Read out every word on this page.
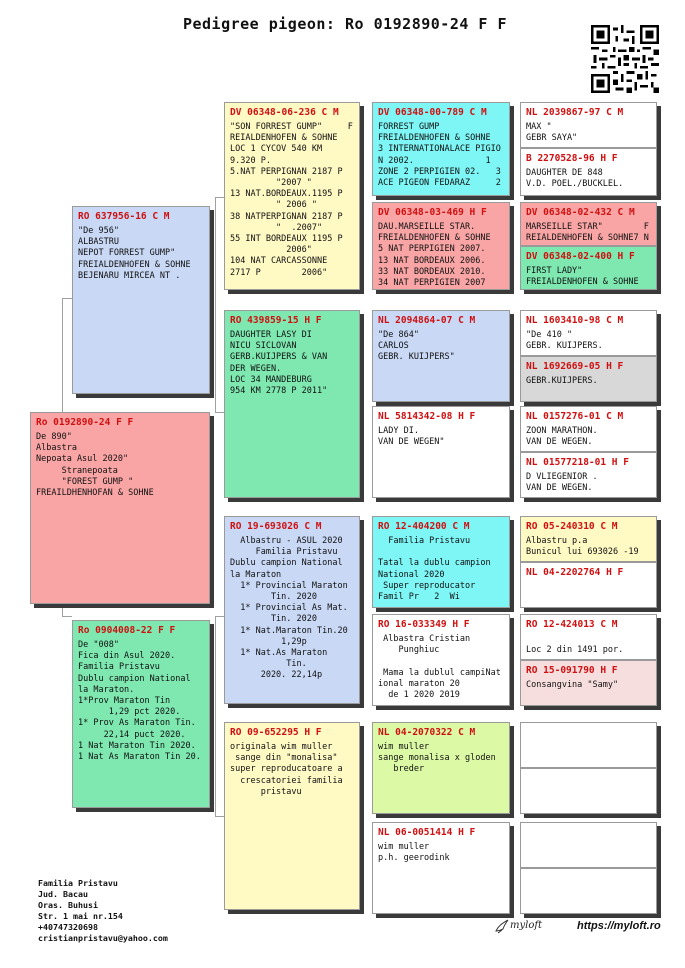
Pedigree pigeon: Ro 0192890-24 F F
Ro 0192890-24 F F
De 890"
Albastra
Nepoata Asul 2020"
Stranepoata
"FOREST GUMP "
FREAILDHENHOFAN & SOHNE
RO 637956-16 C M
"De 956"
ALBASTRU
NEPOT FORREST GUMP"
FREIALDENHOFEN & SOHNE
BEJENARU MIRCEA NT .
Ro 0904008-22 F F
De "008"
Fica din Asul 2020.
Familia Pristavu
Dublu campion National
la Maraton.
1*Prov Maraton Tin
1,29 pct 2020.
1* Prov As Maraton Tin.
22,14 puct 2020.
1 Nat Maraton Tin 2020.
1 Nat As Maraton Tin 20.
DV 06348-06-236 C M
"SON FORREST GUMP"     F
REIALDENHOFEN & SOHNE
LOC 1 CYCOV 540 KM
9.320 P.
5.NAT PERPIGNAN 2187 P
"2007 "
13 NAT.BORDEAUX.1195 P
" 2006 "
38 NATPERPIGNAN 2187 P
"  .2007"
55 INT BORDEAUX 1195 P
2006"
104 NAT CARCASSONNE
2717 P        2006"
RO 439859-15 H F
DAUGHTER LASY DI
NICU SICLOVAN
GERB.KUIJPERS & VAN
DER WEGEN.
LOC 34 MANDEBURG
954 KM 2778 P 2011"
RO 19-693026 C M
Albastru - ASUL 2020
Familia Pristavu
Dublu campion National
la Maraton
1* Provincial Maraton
Tin. 2020
1* Provincial As Mat.
Tin. 2020
1* Nat.Maraton Tin.20
1,29p
1* Nat.As Maraton
Tin.
2020. 22,14p
RO 09-652295 H F
originala wim muller
sange din "monalisa"
super reproducatoare a
crescatoriei familia
pristavu
DV 06348-00-789 C M
FORREST GUMP
FREIALDENHOFEN & SOHNE
3 INTERNATIONALACE PIGIO
N 2002.              1
ZONE 2 PERPIGIEN 02.   3
ACE PIGEON FEDARAZ     2
DV 06348-03-469 H F
DAU.MARSEILLE STAR.
FREIALDENHOFEN & SOHNE
5 NAT PERPIGIEN 2007.
13 NAT BORDEAUX 2006.
33 NAT BORDEAUX 2010.
34 NAT PERPIGIEN 2007
NL 2094864-07 C M
"De 864"
CARLOS
GEBR. KUIJPERS"
NL 5814342-08 H F
LADY DI.
VAN DE WEGEN"
RO 12-404200 C M
Familia Pristavu

Tatal la dublu campion
National 2020
Super reproducator
Famil Pr   2  Wi
RO 16-033349 H F
Albastra Cristian
Punghiuc

Mama la dublul campiNat
ional maraton 20
de 1 2020 2019
NL 04-2070322 C M
wim muller
sange monalisa x gloden
breder
NL 06-0051414 H F
wim muller
p.h. geerodink
NL 2039867-97 C M
MAX "
GEBR SAYA"
B 2270528-96 H F
DAUGHTER DE 848
V.D. POEL./BUCKLEL.
DV 06348-02-432 C M
MARSEILLE STAR"        F
REIALDENHOFEN & SOHNE7 N
DV 06348-02-400 H F
FIRST LADY"
FREIALDENHOFEN & SOHNE
NL 1603410-98 C M
"De 410 "
GEBR. KUIJPERS.
NL 1692669-05 H F
GEBR.KUIJPERS.
NL 0157276-01 C M
ZOON MARATHON.
VAN DE WEGEN.
NL 01577218-01 H F
D VLIEGENIOR .
VAN DE WEGEN.
RO 05-240310 C M
Albastru p.a
Bunicul lui 693026 -19
NL 04-2202764 H F
RO 12-424013 C M

Loc 2 din 1491 por.
RO 15-091790 H F
Consangvina "Samy"
Familia Pristavu
Jud. Bacau
Oras. Buhusi
Str. 1 mai nr.154
+40747320698
cristianpristavu@yahoo.com
myloft	https://myloft.ro
